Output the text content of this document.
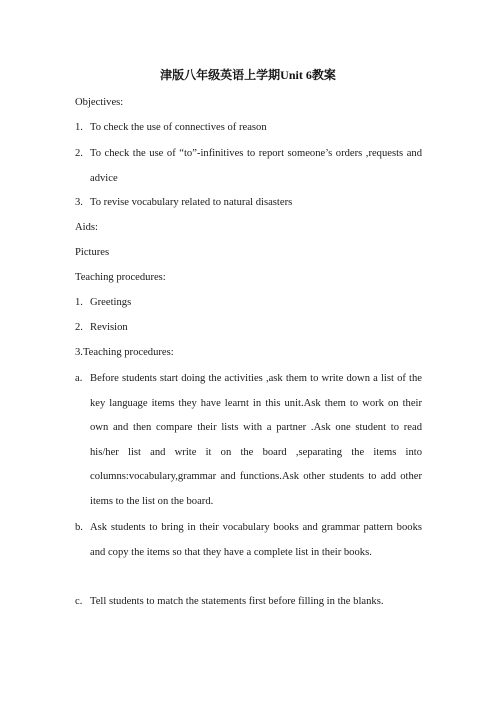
津版八年级英语上学期Unit 6教案
Objectives:
1. To check the use of connectives of reason
2. To check the use of “to”-infinitives to report someone’s orders ,requests and advice
3. To revise vocabulary related to natural disasters
Aids:
Pictures
Teaching procedures:
1. Greetings
2. Revision
3.Teaching procedures:
a. Before students start doing the activities ,ask them to write down a list of the key language items they have learnt in this unit.Ask them to work on their own and then compare their lists with a partner .Ask one student to read his/her list and write it on the board ,separating the items into columns:vocabulary,grammar and functions.Ask other students to add other items to the list on the board.
b. Ask students to bring in their vocabulary books and grammar pattern books and copy the items so that they have a complete list in their books.
c. Tell students to match the statements first before filling in the blanks.
